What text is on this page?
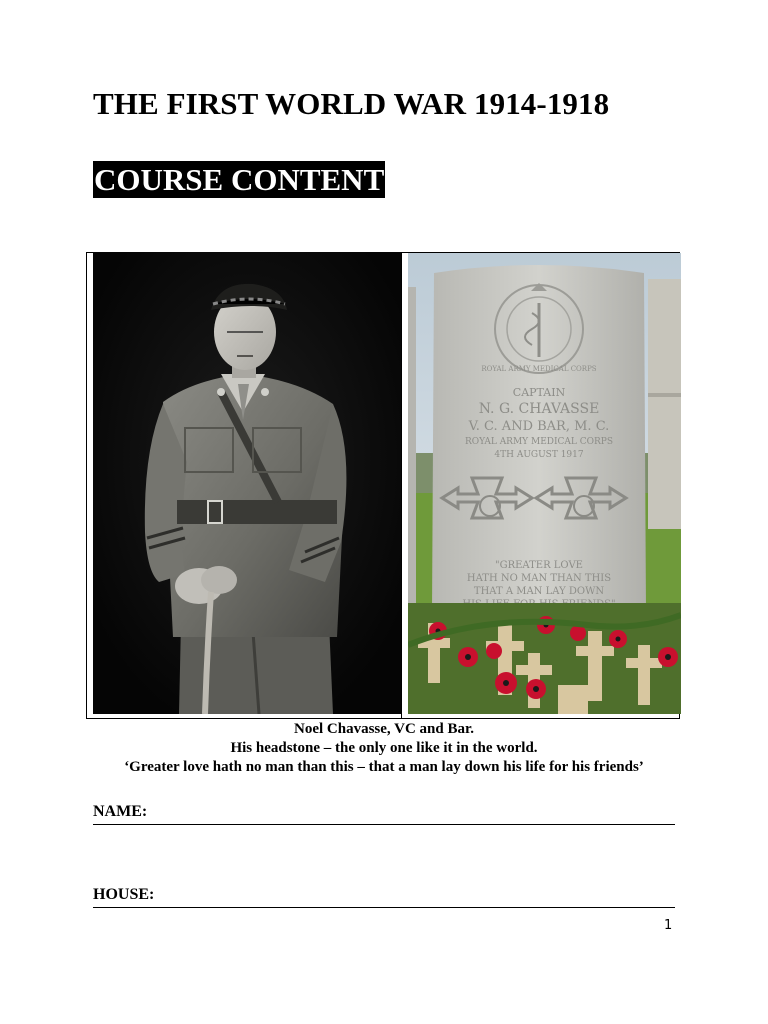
THE FIRST WORLD WAR 1914-1918
COURSE CONTENT
ROYAL ARMY MEDICAL CORPS
CAPTAIN
N. G. CHAVASSE
V. C. AND BAR, M. C.
ROYAL ARMY MEDICAL CORPS
4TH AUGUST 1917
"GREATER LOVE
HATH NO MAN THAN THIS
THAT A MAN LAY DOWN
Noel Chavasse, VC and Bar.
His headstone – the only one like it in the world.
‘Greater love hath no man than this – that a man lay down his life for his friends’
NAME:
HOUSE:
1
